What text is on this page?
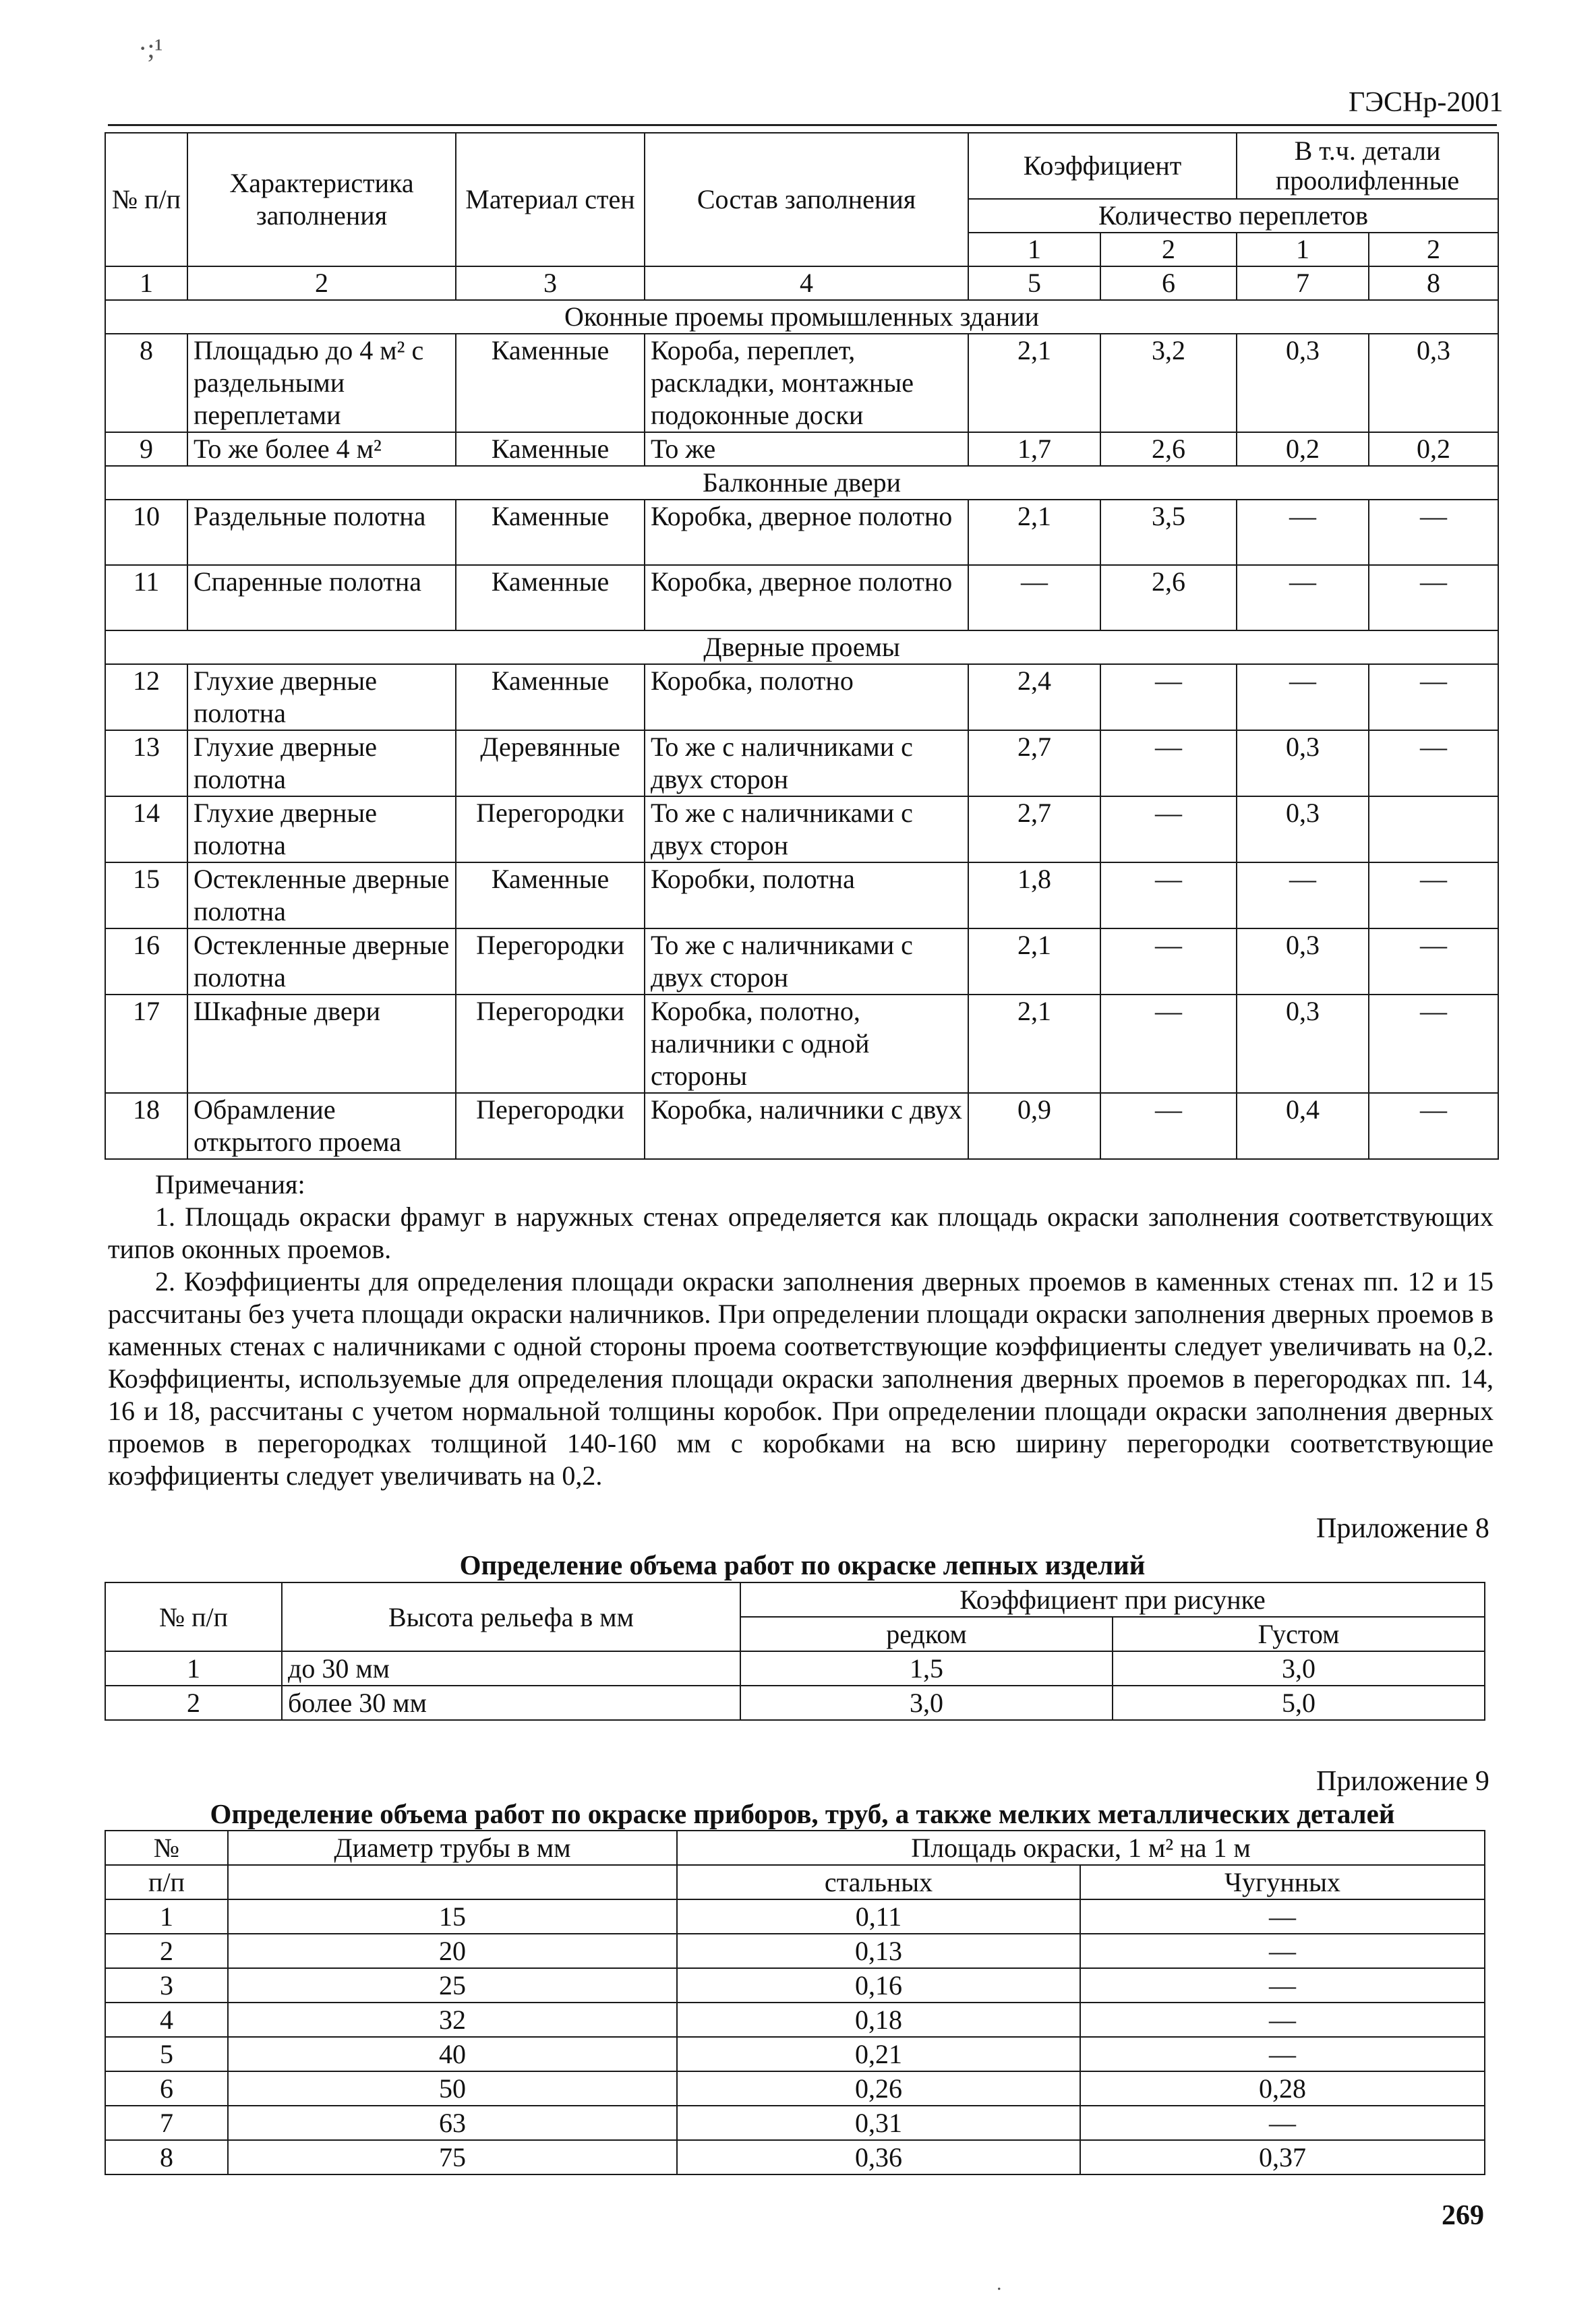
·;¹
ГЭСНр-2001
№ п/п	Характеристика заполнения	Материал стен	Состав заполнения	Коэффициент		В т.ч. детали проолифленные	
				Количество переплетов			
				1	2	1	2
1	2	3	4	5	6	7	8
Оконные проемы промышленных здании							
8	Площадью до 4 м² с раздельными переплетами	Каменные	Короба, переплет, раскладки, монтажные подоконные доски	2,1	3,2	0,3	0,3
9	То же более 4 м²	Каменные	То же	1,7	2,6	0,2	0,2
Балконные двери							
10	Раздельные полотна	Каменные	Коробка, дверное полотно	2,1	3,5	—	—
11	Спаренные полотна	Каменные	Коробка, дверное полотно	—	2,6	—	—
Дверные проемы							
12	Глухие дверные полотна	Каменные	Коробка, полотно	2,4	—	—	—
13	Глухие дверные полотна	Деревянные	То же с наличниками с двух сторон	2,7	—	0,3	—
14	Глухие дверные полотна	Перегородки	То же с наличниками с двух сторон	2,7	—	0,3	
15	Остекленные дверные полотна	Каменные	Коробки, полотна	1,8	—	—	—
16	Остекленные дверные полотна	Перегородки	То же с наличниками с двух сторон	2,1	—	0,3	—
17	Шкафные двери	Перегородки	Коробка, полотно, наличники с одной стороны	2,1	—	0,3	—
18	Обрамление открытого проема	Перегородки	Коробка, наличники с двух	0,9	—	0,4	—

Примечания:

1. Площадь окраски фрамуг в наружных стенах определяется как площадь окраски заполнения соответствующих типов оконных проемов.

2. Коэффициенты для определения площади окраски заполнения дверных проемов в каменных стенах пп. 12 и 15 рассчитаны без учета площади окраски наличников. При определении площади окраски заполнения дверных проемов в каменных стенах с наличниками с одной стороны проема соответствующие коэффициенты следует увеличивать на 0,2. Коэффициенты, используемые для определения площади окраски заполнения дверных проемов в перегородках пп. 14, 16 и 18, рассчитаны с учетом нормальной толщины коробок. При определении площади окраски заполнения дверных проемов в перегородках толщиной 140-160 мм с коробками на всю ширину перегородки соответствующие коэффициенты следует увеличивать на 0,2.

Приложение 8
Определение объема работ по окраске лепных изделий
№ п/п	Высота рельефа в мм	Коэффициент при рисунке	
		редком	Густом
1	до 30 мм	1,5	3,0
2	более 30 мм	3,0	5,0
Приложение 9
Определение объема работ по окраске приборов, труб, а также мелких металлических деталей
№	Диаметр трубы в мм	Площадь окраски, 1 м² на 1 м	
п/п		стальных	Чугунных
1	15	0,11	—
2	20	0,13	—
3	25	0,16	—
4	32	0,18	—
5	40	0,21	—
6	50	0,26	0,28
7	63	0,31	—
8	75	0,36	0,37
269
.
